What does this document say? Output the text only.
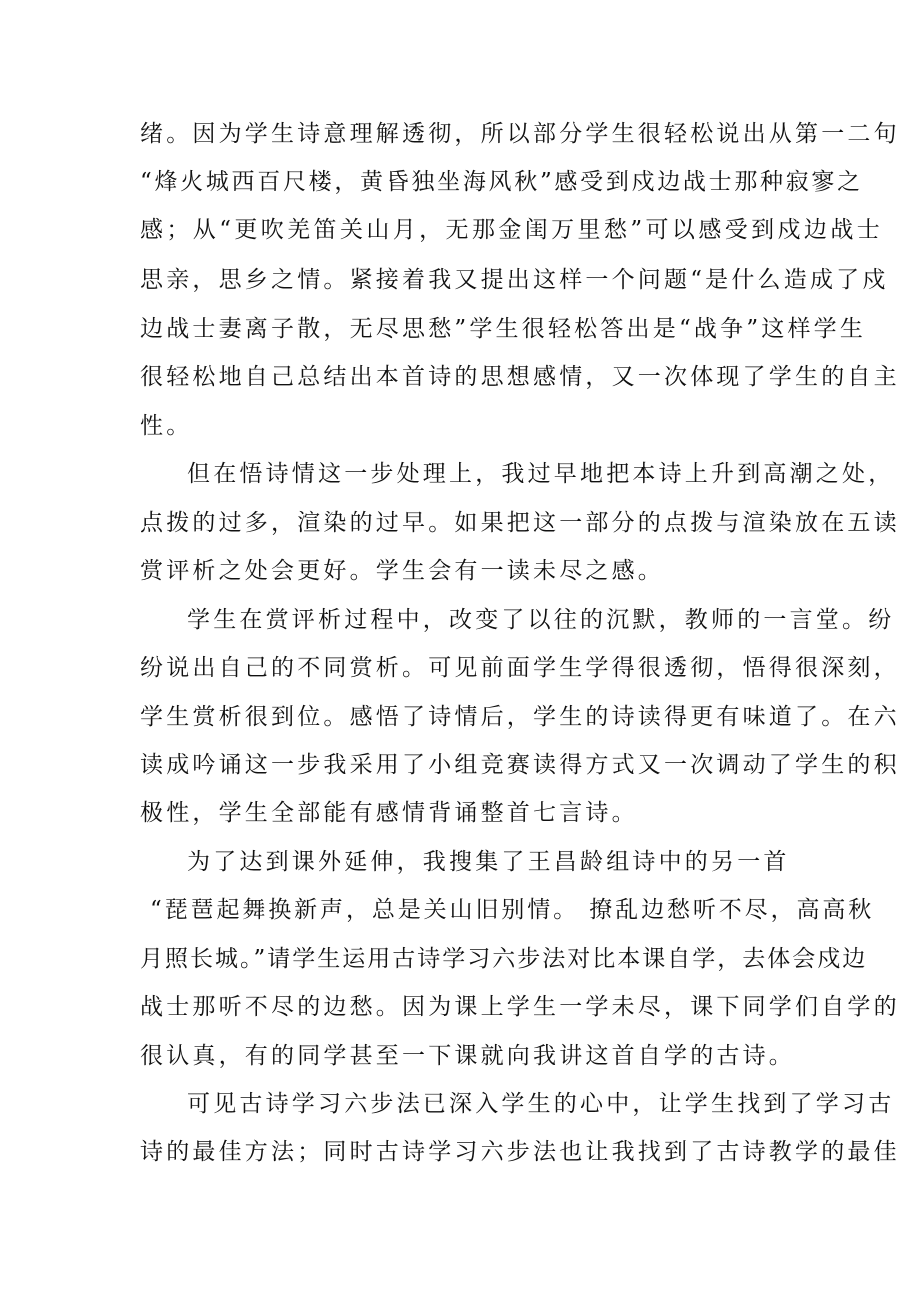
绪。因为学生诗意理解透彻，所以部分学生很轻松说出从第一二句
“烽火城西百尺楼，黄昏独坐海风秋”感受到戍边战士那种寂寥之
感；从“更吹羌笛关山月，无那金闺万里愁”可以感受到戍边战士
思亲，思乡之情。紧接着我又提出这样一个问题“是什么造成了戍
边战士妻离子散，无尽思愁”学生很轻松答出是“战争”这样学生
很轻松地自己总结出本首诗的思想感情，又一次体现了学生的自主
性。
但在悟诗情这一步处理上，我过早地把本诗上升到高潮之处，
点拨的过多，渲染的过早。如果把这一部分的点拨与渲染放在五读
赏评析之处会更好。学生会有一读未尽之感。
学生在赏评析过程中，改变了以往的沉默，教师的一言堂。纷
纷说出自己的不同赏析。可见前面学生学得很透彻，悟得很深刻，
学生赏析很到位。感悟了诗情后，学生的诗读得更有味道了。在六
读成吟诵这一步我采用了小组竞赛读得方式又一次调动了学生的积
极性，学生全部能有感情背诵整首七言诗。
为了达到课外延伸，我搜集了王昌龄组诗中的另一首
“琵琶起舞换新声，总是关山旧别情。 撩乱边愁听不尽，高高秋
月照长城。”请学生运用古诗学习六步法对比本课自学，去体会戍边
战士那听不尽的边愁。因为课上学生一学未尽，课下同学们自学的
很认真，有的同学甚至一下课就向我讲这首自学的古诗。
可见古诗学习六步法已深入学生的心中，让学生找到了学习古
诗的最佳方法；同时古诗学习六步法也让我找到了古诗教学的最佳
